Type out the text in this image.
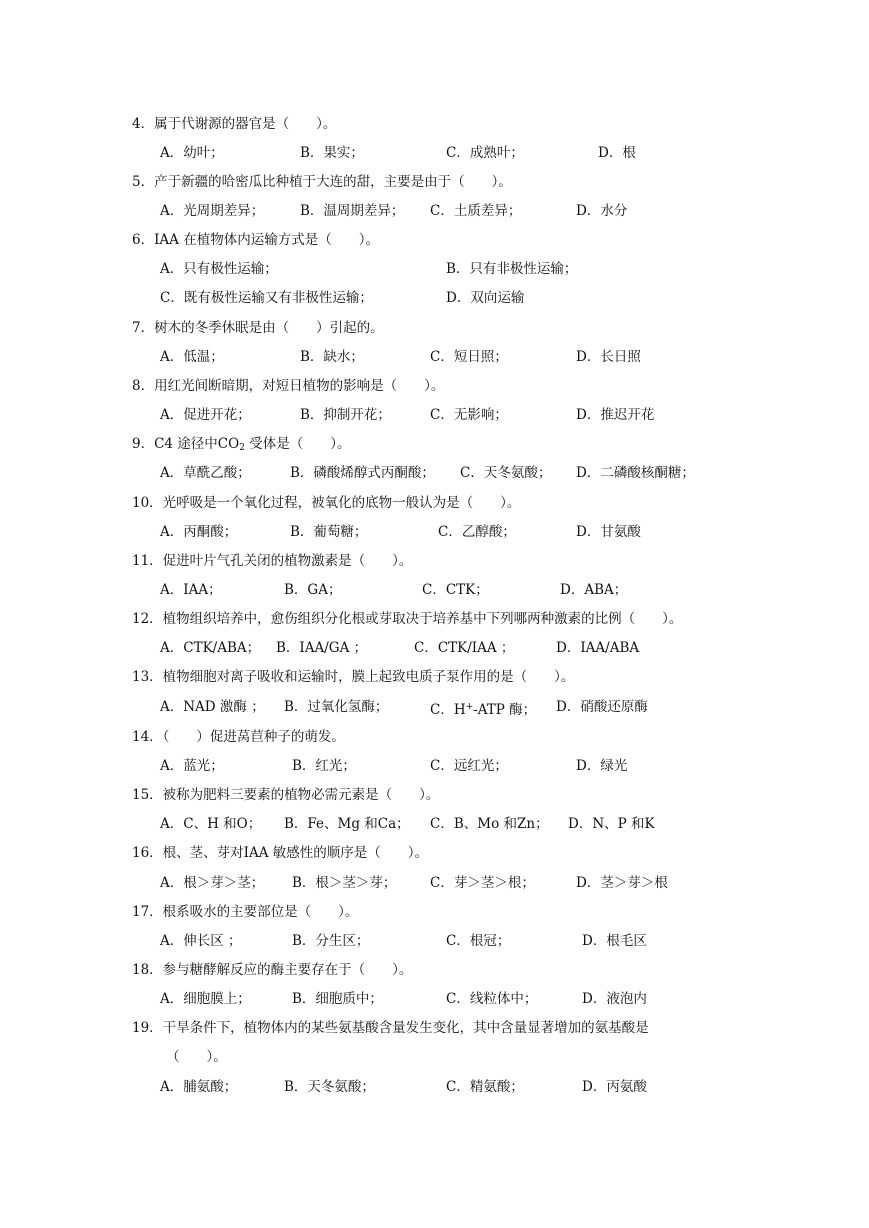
4．属于代谢源的器官是（　　）。
A．幼叶；	B．果实；	C．成熟叶；	D．根
5．产于新疆的哈密瓜比种植于大连的甜，主要是由于（　　）。
A．光周期差异；	B．温周期差异； C．土质差异；	D．水分
6．IAA 在植物体内运输方式是（　　）。
A．只有极性运输；	B．只有非极性运输；
C．既有极性运输又有非极性运输；	D．双向运输
7．树木的冬季休眠是由（　　）引起的。
A．低温；	B．缺水；	C．短日照；	D．长日照
8．用红光间断暗期，对短日植物的影响是（　　）。
A．促进开花；	B．抑制开花；	C．无影响；	D．推迟开花
9．C4 途径中$CO_2$ 受体是（　　）。
A．草酰乙酸；	B．磷酸烯醇式丙酮酸； C．天冬氨酸； D．二磷酸核酮糖；
10．光呼吸是一个氧化过程，被氧化的底物一般认为是（　　）。
A．丙酮酸；	B．葡萄糖；	C．乙醇酸；	D．甘氨酸
11．促进叶片气孔关闭的植物激素是（　　）。
A．IAA；	B．GA；	C．CTK；	D．ABA；
12．植物组织培养中，愈伤组织分化根或芽取决于培养基中下列哪两种激素的比例（　　）。
A．CTK/ABA； B．IAA/GA ；	C．CTK/IAA ；	D．IAA/ABA
13．植物细胞对离子吸收和运输时，膜上起致电质子泵作用的是（　　）。
A．NAD 激酶 ； B．过氧化氢酶；	C．H+-ATP 酶； D．硝酸还原酶
14．（　　）促进莴苣种子的萌发。
A．蓝光；	B．红光；	C．远红光；	D．绿光
15．被称为肥料三要素的植物必需元素是（　　）。
A．C、H 和O； B．Fe、Mg 和Ca； C．B、Mo 和Zn； D．N、P 和K
16．根、茎、芽对IAA 敏感性的顺序是（　　）。
A．根＞芽＞茎； B．根＞茎＞芽； C．芽＞茎＞根；	D．茎＞芽＞根
17．根系吸水的主要部位是（　　）。
A．伸长区 ；	B．分生区；	C．根冠；	D．根毛区
18．参与糖酵解反应的酶主要存在于（　　）。
A．细胞膜上；	B．细胞质中；	C．线粒体中；	D．液泡内
19．干旱条件下，植物体内的某些氨基酸含量发生变化，其中含量显著增加的氨基酸是
（　　）。
A．脯氨酸；	B．天冬氨酸；	C．精氨酸；	D．丙氨酸
